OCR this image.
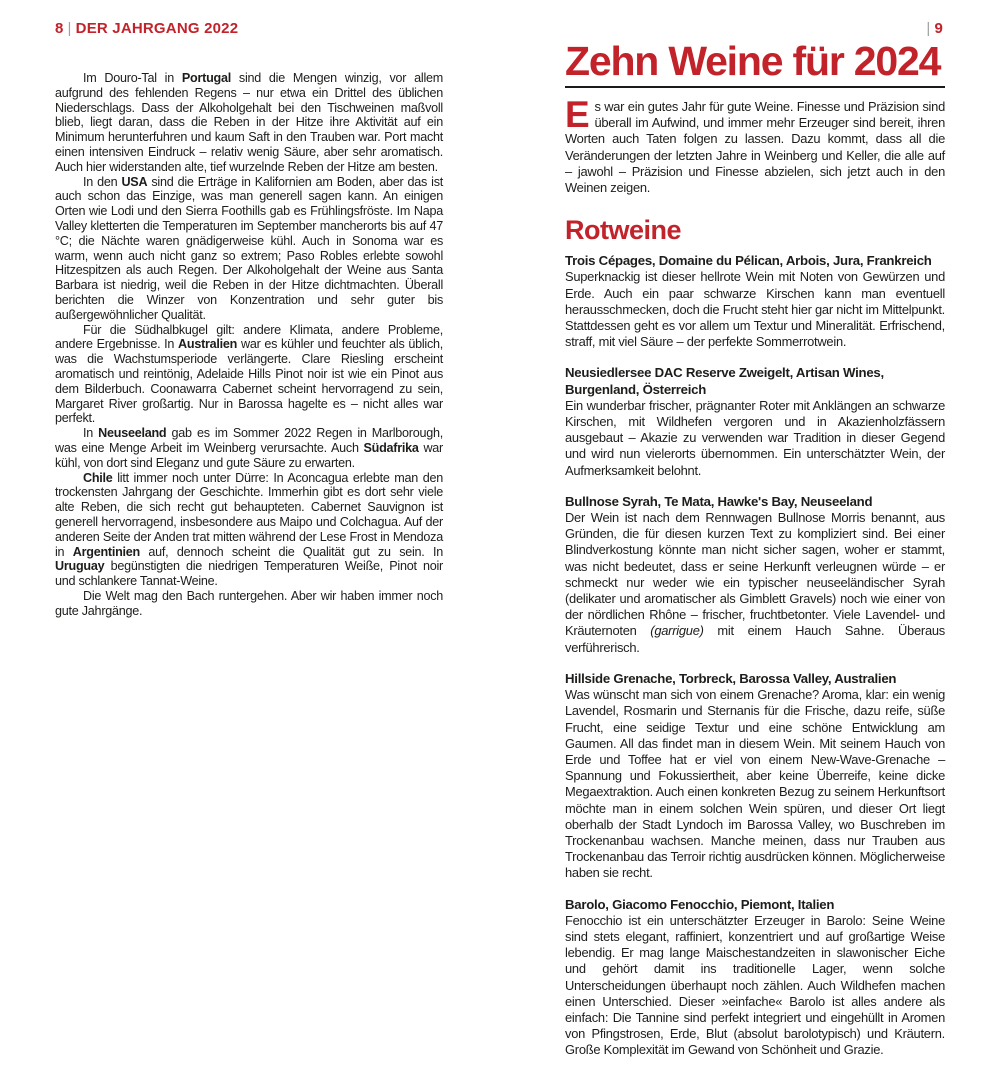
8 | DER JAHRGANG 2022	| 9

Im Douro-Tal in Portugal sind die Mengen winzig, vor allem aufgrund des fehlenden Regens – nur etwa ein Drittel des üblichen Niederschlags. Dass der Alkoholgehalt bei den Tischweinen maßvoll blieb, liegt daran, dass die Reben in der Hitze ihre Aktivität auf ein Minimum herunterfuhren und kaum Saft in den Trauben war. Port macht einen intensiven Eindruck – relativ wenig Säure, aber sehr aromatisch. Auch hier widerstanden alte, tief wurzelnde Reben der Hitze am besten.

In den USA sind die Erträge in Kalifornien am Boden, aber das ist auch schon das Einzige, was man generell sagen kann. An einigen Orten wie Lodi und den Sierra Foothills gab es Frühlingsfröste. Im Napa Valley kletterten die Temperaturen im September mancherorts bis auf 47 °C; die Nächte waren gnädigerweise kühl. Auch in Sonoma war es warm, wenn auch nicht ganz so extrem; Paso Robles erlebte sowohl Hitzespitzen als auch Regen. Der Alkoholgehalt der Weine aus Santa Barbara ist niedrig, weil die Reben in der Hitze dichtmachten. Überall berichten die Winzer von Konzentration und sehr guter bis außergewöhnlicher Qualität.

Für die Südhalbkugel gilt: andere Klimata, andere Probleme, andere Ergebnisse. In Australien war es kühler und feuchter als üblich, was die Wachstumsperiode verlängerte. Clare Riesling erscheint aromatisch und reintönig, Adelaide Hills Pinot noir ist wie ein Pinot aus dem Bilderbuch. Coonawarra Cabernet scheint hervorragend zu sein, Margaret River großartig. Nur in Barossa hagelte es – nicht alles war perfekt.

In Neuseeland gab es im Sommer 2022 Regen in Marlborough, was eine Menge Arbeit im Weinberg verursachte. Auch Südafrika war kühl, von dort sind Eleganz und gute Säure zu erwarten.

Chile litt immer noch unter Dürre: In Aconcagua erlebte man den trockensten Jahrgang der Geschichte. Immerhin gibt es dort sehr viele alte Reben, die sich recht gut behaupteten. Cabernet Sauvignon ist generell hervorragend, insbesondere aus Maipo und Colchagua. Auf der anderen Seite der Anden trat mitten während der Lese Frost in Mendoza in Argentinien auf, dennoch scheint die Qualität gut zu sein. In Uruguay begünstigten die niedrigen Temperaturen Weiße, Pinot noir und schlankere Tannat-Weine.

Die Welt mag den Bach runtergehen. Aber wir haben immer noch gute Jahrgänge.

Zehn Weine für 2024

Es war ein gutes Jahr für gute Weine. Finesse und Präzision sind überall im Aufwind, und immer mehr Erzeuger sind bereit, ihren Worten auch Taten folgen zu lassen. Dazu kommt, dass all die Veränderungen der letzten Jahre in Weinberg und Keller, die alle auf – jawohl – Präzision und Finesse abzielen, sich jetzt auch in den Weinen zeigen.

Rotweine

Trois Cépages, Domaine du Pélican, Arbois, Jura, Frankreich

Superknackig ist dieser hellrote Wein mit Noten von Gewürzen und Erde. Auch ein paar schwarze Kirschen kann man eventuell herausschmecken, doch die Frucht steht hier gar nicht im Mittelpunkt. Stattdessen geht es vor allem um Textur und Mineralität. Erfrischend, straff, mit viel Säure – der perfekte Sommerrotwein.

Neusiedlersee DAC Reserve Zweigelt, Artisan Wines, Burgenland, Österreich

Ein wunderbar frischer, prägnanter Roter mit Anklängen an schwarze Kirschen, mit Wildhefen vergoren und in Akazienholzfässern ausgebaut – Akazie zu verwenden war Tradition in dieser Gegend und wird nun vielerorts übernommen. Ein unterschätzter Wein, der Aufmerksamkeit belohnt.

Bullnose Syrah, Te Mata, Hawke's Bay, Neuseeland

Der Wein ist nach dem Rennwagen Bullnose Morris benannt, aus Gründen, die für diesen kurzen Text zu kompliziert sind. Bei einer Blindverkostung könnte man nicht sicher sagen, woher er stammt, was nicht bedeutet, dass er seine Herkunft verleugnen würde – er schmeckt nur weder wie ein typischer neuseeländischer Syrah (delikater und aromatischer als Gimblett Gravels) noch wie einer von der nördlichen Rhône – frischer, fruchtbetonter. Viele Lavendel- und Kräuternoten (garrigue) mit einem Hauch Sahne. Überaus verführerisch.

Hillside Grenache, Torbreck, Barossa Valley, Australien

Was wünscht man sich von einem Grenache? Aroma, klar: ein wenig Lavendel, Rosmarin und Sternanis für die Frische, dazu reife, süße Frucht, eine seidige Textur und eine schöne Entwicklung am Gaumen. All das findet man in diesem Wein. Mit seinem Hauch von Erde und Toffee hat er viel von einem New-Wave-Grenache – Spannung und Fokussiertheit, aber keine Überreife, keine dicke Megaextraktion. Auch einen konkreten Bezug zu seinem Herkunftsort möchte man in einem solchen Wein spüren, und dieser Ort liegt oberhalb der Stadt Lyndoch im Barossa Valley, wo Buschreben im Trockenanbau wachsen. Manche meinen, dass nur Trauben aus Trockenanbau das Terroir richtig ausdrücken können. Möglicherweise haben sie recht.

Barolo, Giacomo Fenocchio, Piemont, Italien

Fenocchio ist ein unterschätzter Erzeuger in Barolo: Seine Weine sind stets elegant, raffiniert, konzentriert und auf großartige Weise lebendig. Er mag lange Maischestandzeiten in slawonischer Eiche und gehört damit ins traditionelle Lager, wenn solche Unterscheidungen überhaupt noch zählen. Auch Wildhefen machen einen Unterschied. Dieser »einfache« Barolo ist alles andere als einfach: Die Tannine sind perfekt integriert und eingehüllt in Aromen von Pfingstrosen, Erde, Blut (absolut barolotypisch) und Kräutern. Große Komplexität im Gewand von Schönheit und Grazie.
